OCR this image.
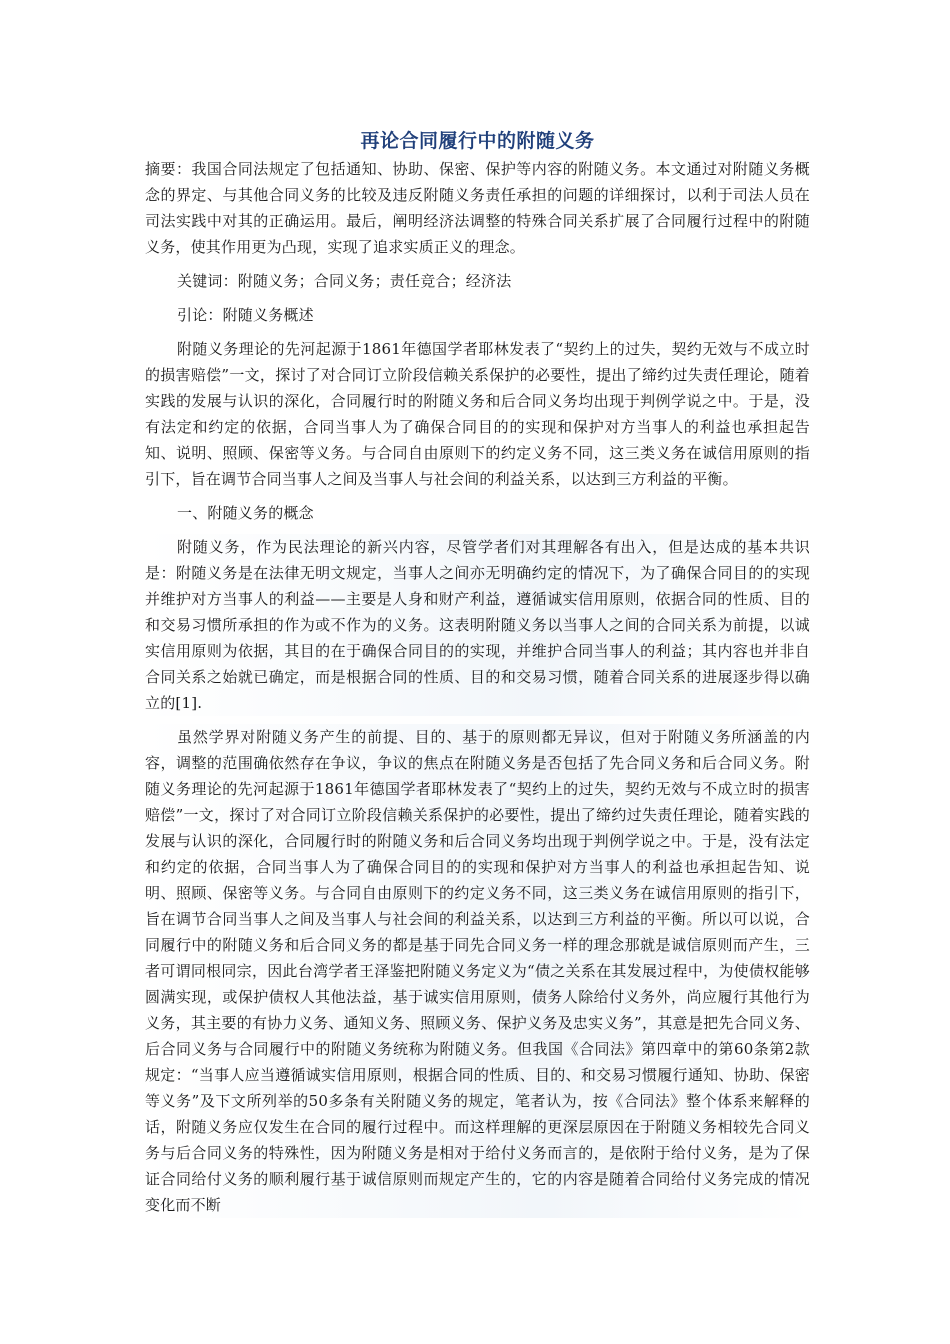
再论合同履行中的附随义务

摘要：我国合同法规定了包括通知、协助、保密、保护等内容的附随义务。本文通过对附随义务概念的界定、与其他合同义务的比较及违反附随义务责任承担的问题的详细探讨，以利于司法人员在司法实践中对其的正确运用。最后，阐明经济法调整的特殊合同关系扩展了合同履行过程中的附随义务，使其作用更为凸现，实现了追求实质正义的理念。

关键词：附随义务；合同义务；责任竞合；经济法

引论：附随义务概述

附随义务理论的先河起源于1861年德国学者耶林发表了“契约上的过失，契约无效与不成立时的损害赔偿”一文，探讨了对合同订立阶段信赖关系保护的必要性，提出了缔约过失责任理论，随着实践的发展与认识的深化，合同履行时的附随义务和后合同义务均出现于判例学说之中。于是，没有法定和约定的依据，合同当事人为了确保合同目的的实现和保护对方当事人的利益也承担起告知、说明、照顾、保密等义务。与合同自由原则下的约定义务不同，这三类义务在诚信用原则的指引下，旨在调节合同当事人之间及当事人与社会间的利益关系，以达到三方利益的平衡。

一、附随义务的概念

附随义务，作为民法理论的新兴内容，尽管学者们对其理解各有出入，但是达成的基本共识是：附随义务是在法律无明文规定，当事人之间亦无明确约定的情况下，为了确保合同目的的实现并维护对方当事人的利益——主要是人身和财产利益，遵循诚实信用原则，依据合同的性质、目的和交易习惯所承担的作为或不作为的义务。这表明附随义务以当事人之间的合同关系为前提，以诚实信用原则为依据，其目的在于确保合同目的的实现，并维护合同当事人的利益；其内容也并非自合同关系之始就已确定，而是根据合同的性质、目的和交易习惯，随着合同关系的进展逐步得以确立的[1].

虽然学界对附随义务产生的前提、目的、基于的原则都无异议，但对于附随义务所涵盖的内容，调整的范围确依然存在争议，争议的焦点在附随义务是否包括了先合同义务和后合同义务。附随义务理论的先河起源于1861年德国学者耶林发表了“契约上的过失，契约无效与不成立时的损害赔偿”一文，探讨了对合同订立阶段信赖关系保护的必要性，提出了缔约过失责任理论，随着实践的发展与认识的深化，合同履行时的附随义务和后合同义务均出现于判例学说之中。于是，没有法定和约定的依据，合同当事人为了确保合同目的的实现和保护对方当事人的利益也承担起告知、说明、照顾、保密等义务。与合同自由原则下的约定义务不同，这三类义务在诚信用原则的指引下，旨在调节合同当事人之间及当事人与社会间的利益关系，以达到三方利益的平衡。所以可以说，合同履行中的附随义务和后合同义务的都是基于同先合同义务一样的理念那就是诚信原则而产生，三者可谓同根同宗，因此台湾学者王泽鉴把附随义务定义为“债之关系在其发展过程中，为使债权能够圆满实现，或保护债权人其他法益，基于诚实信用原则，债务人除给付义务外，尚应履行其他行为义务，其主要的有协力义务、通知义务、照顾义务、保护义务及忠实义务”，其意是把先合同义务、后合同义务与合同履行中的附随义务统称为附随义务。但我国《合同法》第四章中的第60条第2款规定：“当事人应当遵循诚实信用原则，根据合同的性质、目的、和交易习惯履行通知、协助、保密等义务”及下文所列举的50多条有关附随义务的规定，笔者认为，按《合同法》整个体系来解释的话，附随义务应仅发生在合同的履行过程中。而这样理解的更深层原因在于附随义务相较先合同义务与后合同义务的特殊性，因为附随义务是相对于给付义务而言的，是依附于给付义务，是为了保证合同给付义务的顺利履行基于诚信原则而规定产生的，它的内容是随着合同给付义务完成的情况变化而不断
